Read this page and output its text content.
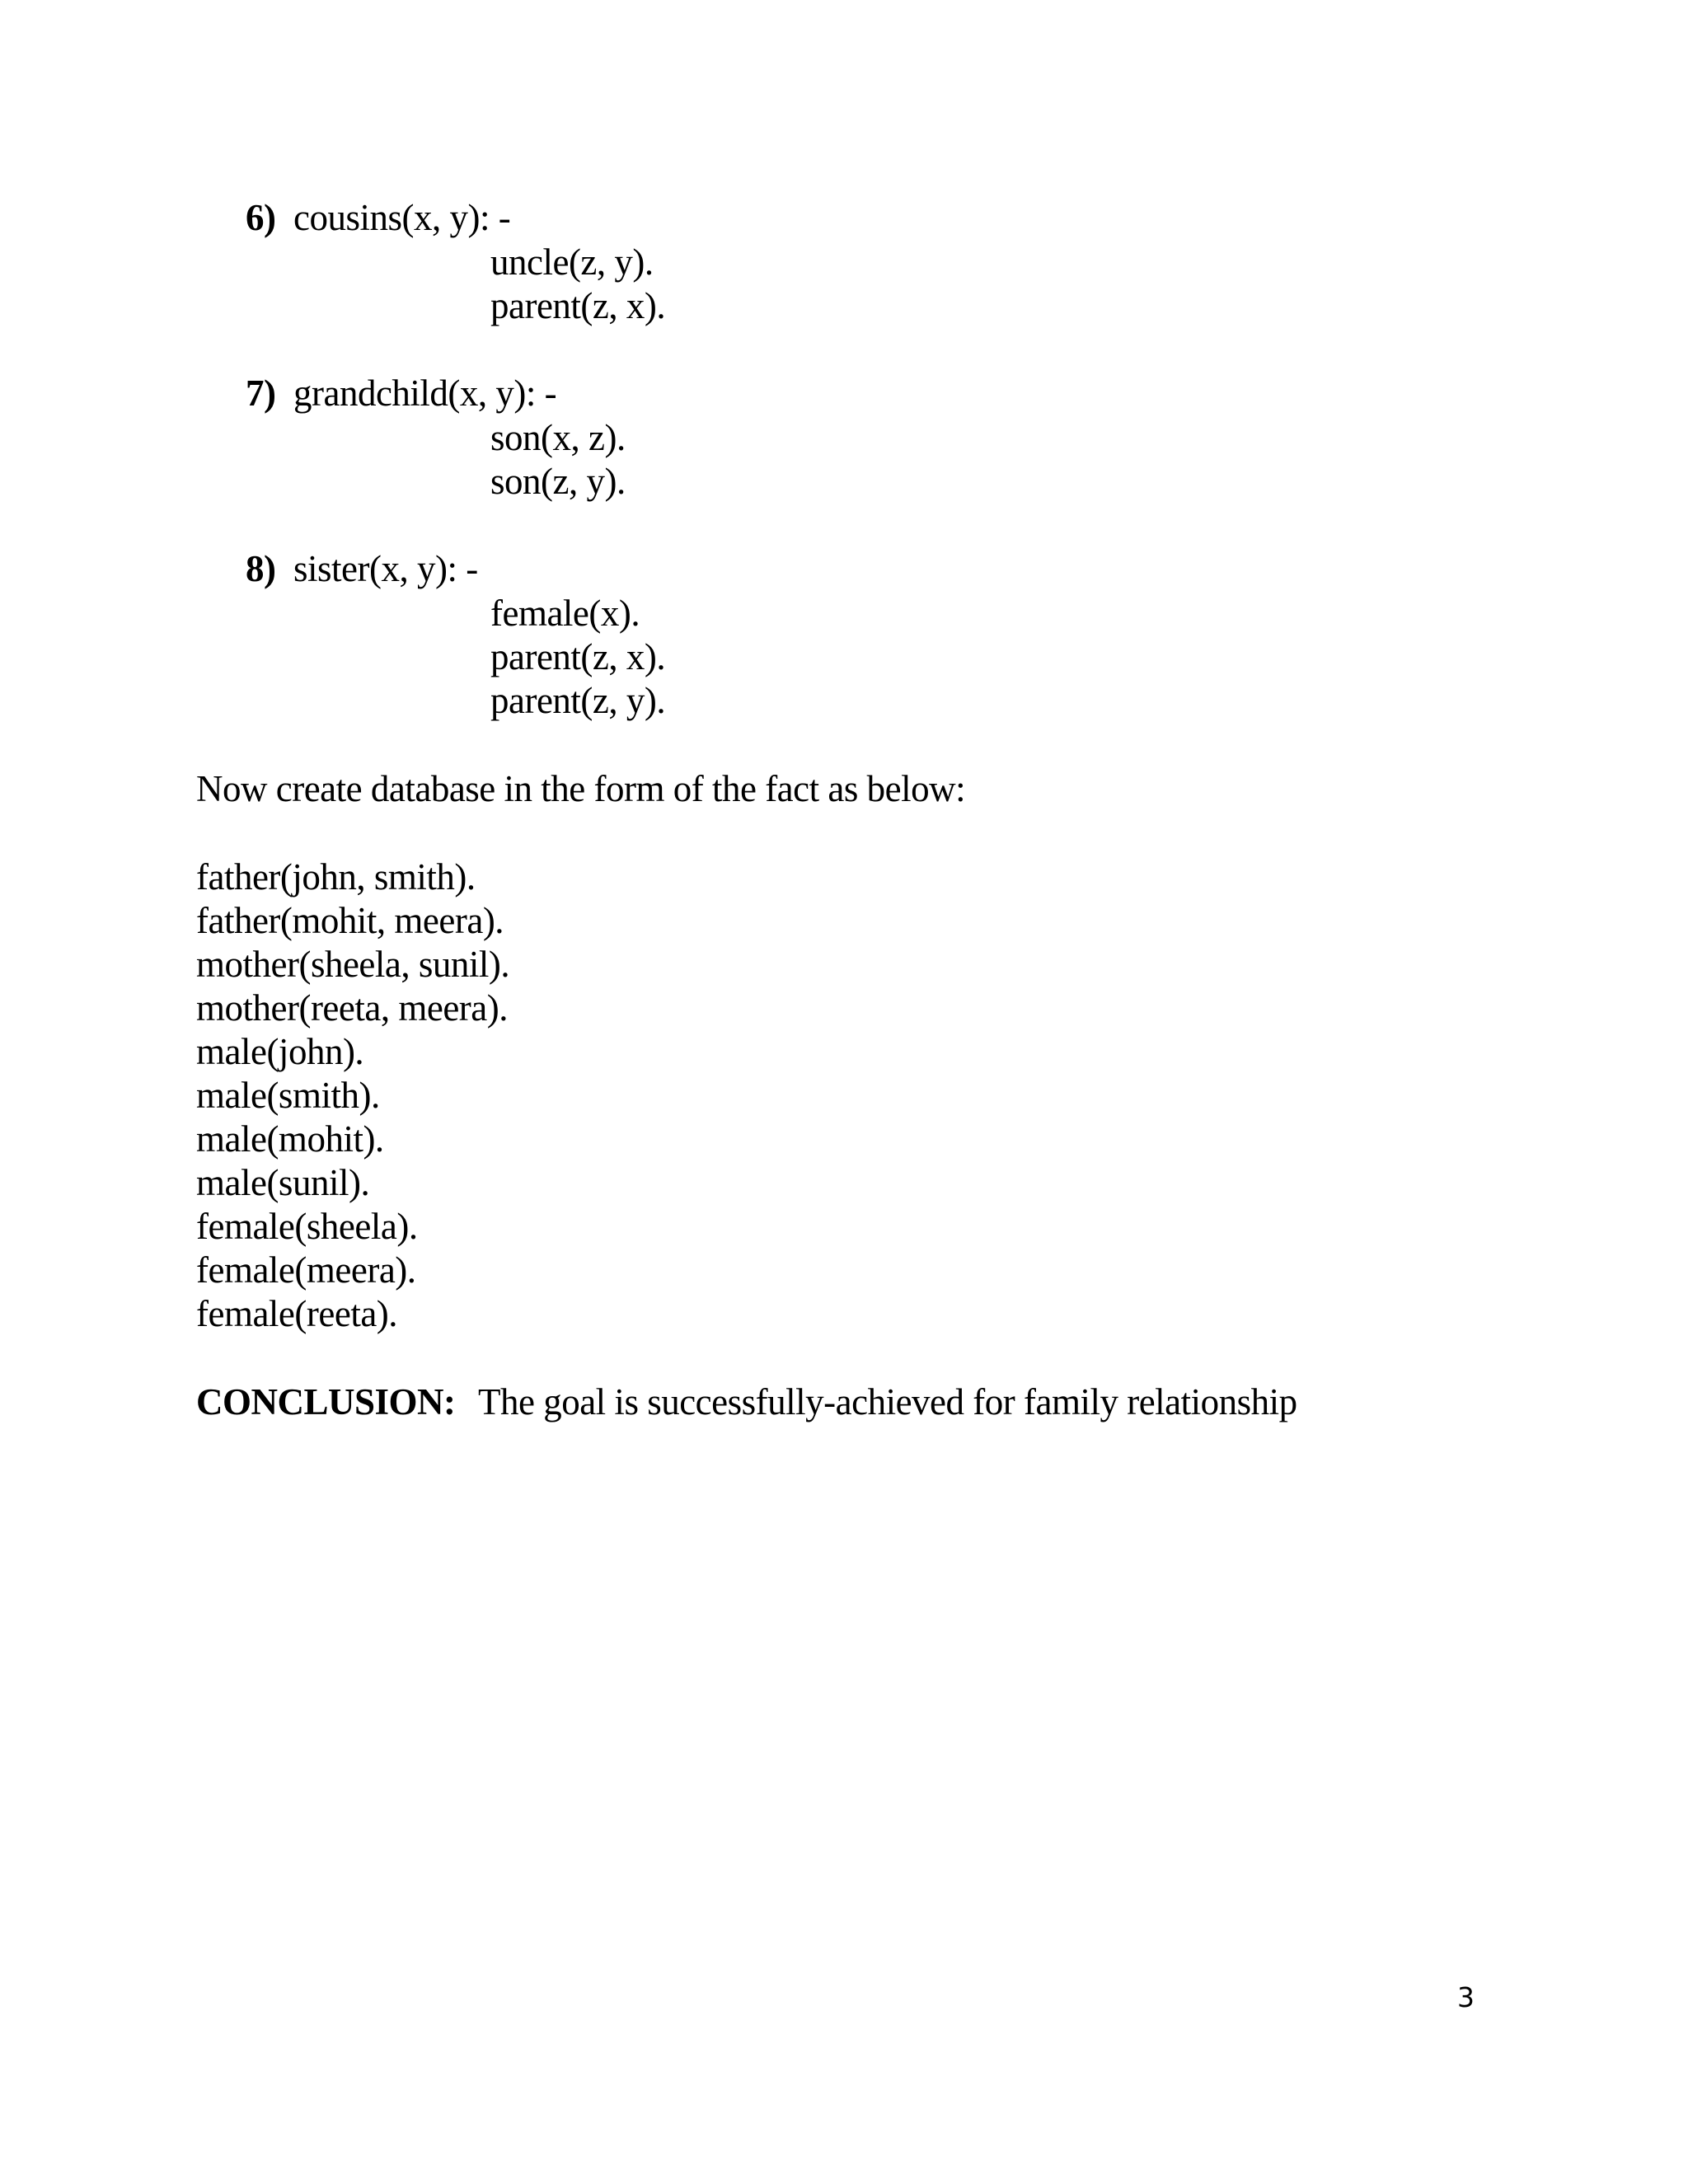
6) cousins(x, y): -
uncle(z, y).
parent(z, x).
7) grandchild(x, y): -
son(x, z).
son(z, y).
8) sister(x, y): -
female(x).
parent(z, x).
parent(z, y).
Now create database in the form of the fact as below:
father(john, smith).
father(mohit, meera).
mother(sheela, sunil).
mother(reeta, meera).
male(john).
male(smith).
male(mohit).
male(sunil).
female(sheela).
female(meera).
female(reeta).
CONCLUSION: The goal is successfully-achieved for family relationship
3
